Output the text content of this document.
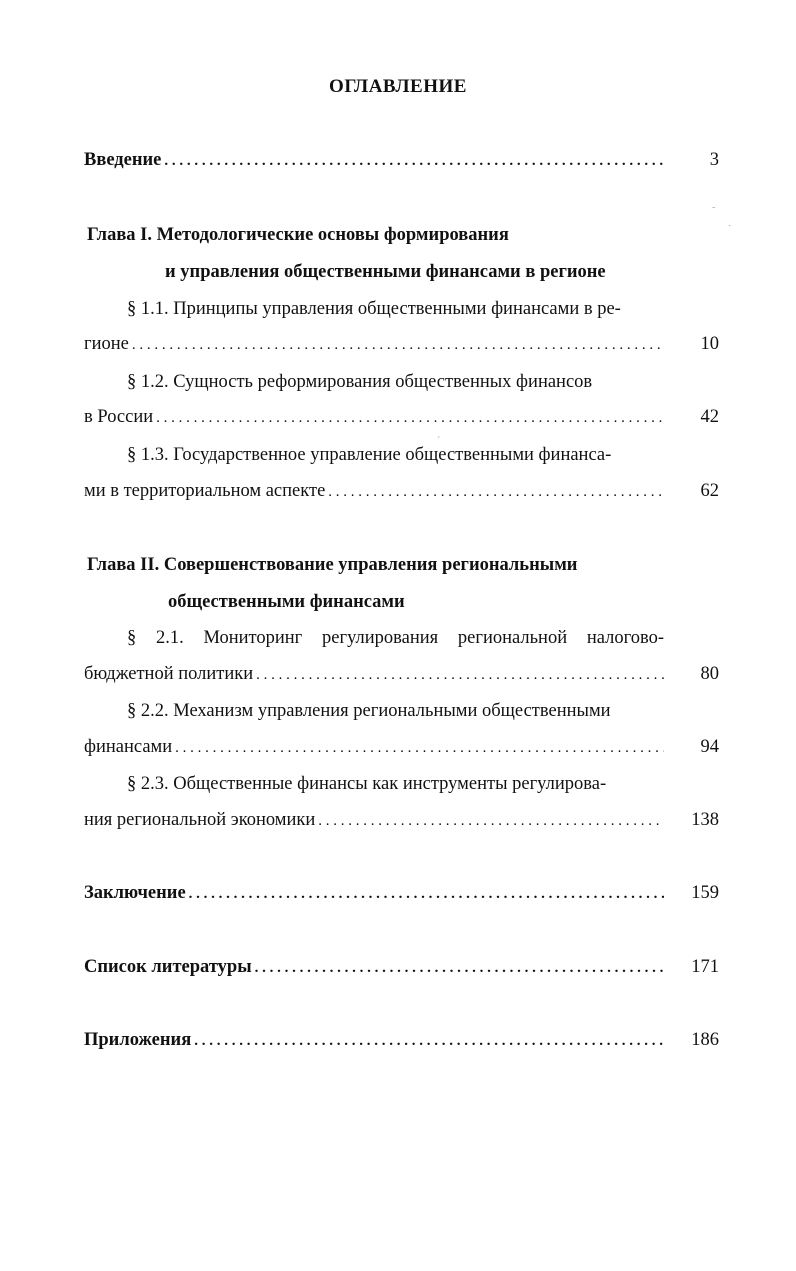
ОГЛАВЛЕНИЕ
Введение . . .	3
Глава I. Методологические основы формирования
и управления общественными финансами в регионе
§ 1.1. Принципы управления общественными финансами в ре-
гионе . . .	10
§ 1.2. Сущность реформирования общественных финансов
в России . . .	42
§ 1.3. Государственное управление общественными финанса-
ми в территориальном аспекте . . .	62
Глава II. Совершенствование управления региональными
общественными финансами
§ 2.1. Мониторинг регулирования региональной налогово-
бюджетной политики . . .	80
§ 2.2. Механизм управления региональными общественными
финансами . . .	94
§ 2.3. Общественные финансы как инструменты регулирова-
ния региональной экономики . . .	138
Заключение . . .	159
Список литературы . . .	171
Приложения . . .	186
˜
ˎ
ˊ
